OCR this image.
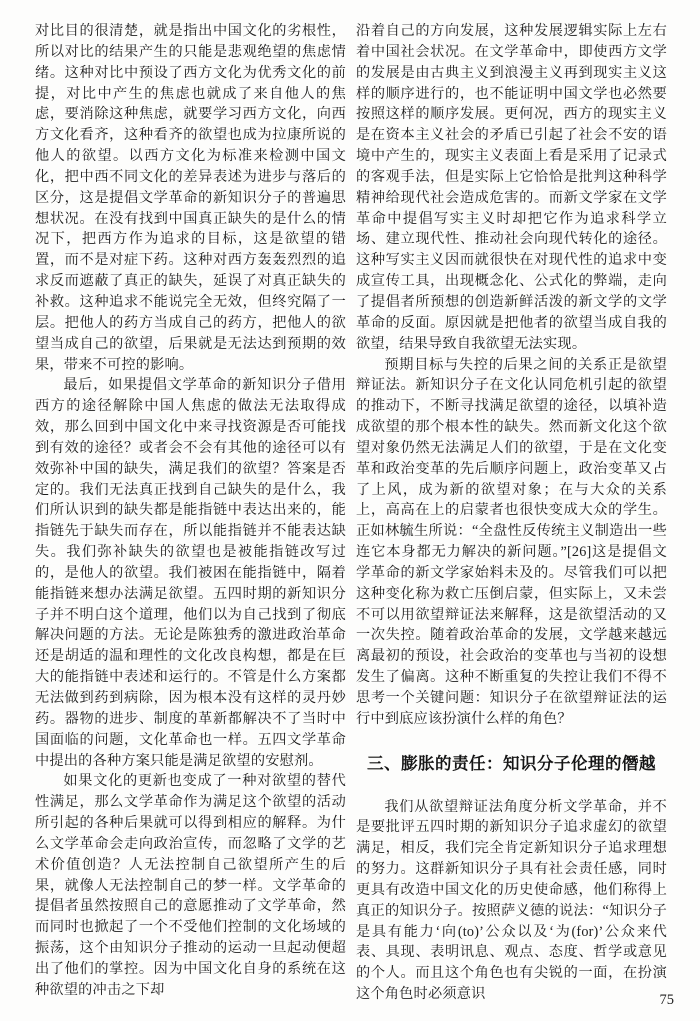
对比目的很清楚，就是指出中国文化的劣根性，所以对比的结果产生的只能是悲观绝望的焦虑情绪。这种对比中预设了西方文化为优秀文化的前提，对比中产生的焦虑也就成了来自他人的焦虑，要消除这种焦虑，就要学习西方文化，向西方文化看齐，这种看齐的欲望也成为拉康所说的他人的欲望。以西方文化为标准来检测中国文化，把中西不同文化的差异表述为进步与落后的区分，这是提倡文学革命的新知识分子的普遍思想状况。在没有找到中国真正缺失的是什么的情况下，把西方作为追求的目标，这是欲望的错置，而不是对症下药。这种对西方轰轰烈烈的追求反而遮蔽了真正的缺失，延误了对真正缺失的补救。这种追求不能说完全无效，但终究隔了一层。把他人的药方当成自己的药方，把他人的欲望当成自己的欲望，后果就是无法达到预期的效果，带来不可控的影响。
最后，如果提倡文学革命的新知识分子借用西方的途径解除中国人焦虑的做法无法取得成效，那么回到中国文化中来寻找资源是否可能找到有效的途径？或者会不会有其他的途径可以有效弥补中国的缺失，满足我们的欲望？答案是否定的。我们无法真正找到自己缺失的是什么，我们所认识到的缺失都是能指链中表达出来的，能指链先于缺失而存在，所以能指链并不能表达缺失。我们弥补缺失的欲望也是被能指链改写过的，是他人的欲望。我们被困在能指链中，隔着能指链来想办法满足欲望。五四时期的新知识分子并不明白这个道理，他们以为自己找到了彻底解决问题的方法。无论是陈独秀的激进政治革命还是胡适的温和理性的文化改良构想，都是在巨大的能指链中表述和运行的。不管是什么方案都无法做到药到病除，因为根本没有这样的灵丹妙药。器物的进步、制度的革新都解决不了当时中国面临的问题，文化革命也一样。五四文学革命中提出的各种方案只能是满足欲望的安慰剂。
如果文化的更新也变成了一种对欲望的替代性满足，那么文学革命作为满足这个欲望的活动所引起的各种后果就可以得到相应的解释。为什么文学革命会走向政治宣传，而忽略了文学的艺术价值创造？人无法控制自己欲望所产生的后果，就像人无法控制自己的梦一样。文学革命的提倡者虽然按照自己的意愿推动了文学革命，然而同时也掀起了一个不受他们控制的文化场域的振荡，这个由知识分子推动的运动一旦起动便超出了他们的掌控。因为中国文化自身的系统在这种欲望的冲击之下却
沿着自己的方向发展，这种发展逻辑实际上左右着中国社会状况。在文学革命中，即使西方文学的发展是由古典主义到浪漫主义再到现实主义这样的顺序进行的，也不能证明中国文学也必然要按照这样的顺序发展。更何况，西方的现实主义是在资本主义社会的矛盾已引起了社会不安的语境中产生的，现实主义表面上看是采用了记录式的客观手法，但是实际上它恰恰是批判这种科学精神给现代社会造成危害的。而新文学家在文学革命中提倡写实主义时却把它作为追求科学立场、建立现代性、推动社会向现代转化的途径。这种写实主义因而就很快在对现代性的追求中变成宣传工具，出现概念化、公式化的弊端，走向了提倡者所预想的创造新鲜活泼的新文学的文学革命的反面。原因就是把他者的欲望当成自我的欲望，结果导致自我欲望无法实现。
预期目标与失控的后果之间的关系正是欲望辩证法。新知识分子在文化认同危机引起的欲望的推动下，不断寻找满足欲望的途径，以填补造成欲望的那个根本性的缺失。然而新文化这个欲望对象仍然无法满足人们的欲望，于是在文化变革和政治变革的先后顺序问题上，政治变革又占了上风，成为新的欲望对象；在与大众的关系上，高高在上的启蒙者也很快变成大众的学生。正如林毓生所说：“全盘性反传统主义制造出一些连它本身都无力解决的新问题。”[26]这是提倡文学革命的新文学家始料未及的。尽管我们可以把这种变化称为救亡压倒启蒙，但实际上，又未尝不可以用欲望辩证法来解释，这是欲望活动的又一次失控。随着政治革命的发展，文学越来越远离最初的预设，社会政治的变革也与当初的设想发生了偏离。这种不断重复的失控让我们不得不思考一个关键问题：知识分子在欲望辩证法的运行中到底应该扮演什么样的角色？
三、膨胀的责任：知识分子伦理的僭越
我们从欲望辩证法角度分析文学革命，并不是要批评五四时期的新知识分子追求虚幻的欲望满足，相反，我们完全肯定新知识分子追求理想的努力。这群新知识分子具有社会责任感，同时更具有改造中国文化的历史使命感，他们称得上真正的知识分子。按照萨义德的说法：“知识分子是具有能力‘向(to)’公众以及‘为(for)’公众来代表、具现、表明讯息、观点、态度、哲学或意见的个人。而且这个角色也有尖锐的一面，在扮演这个角色时必须意识	75
